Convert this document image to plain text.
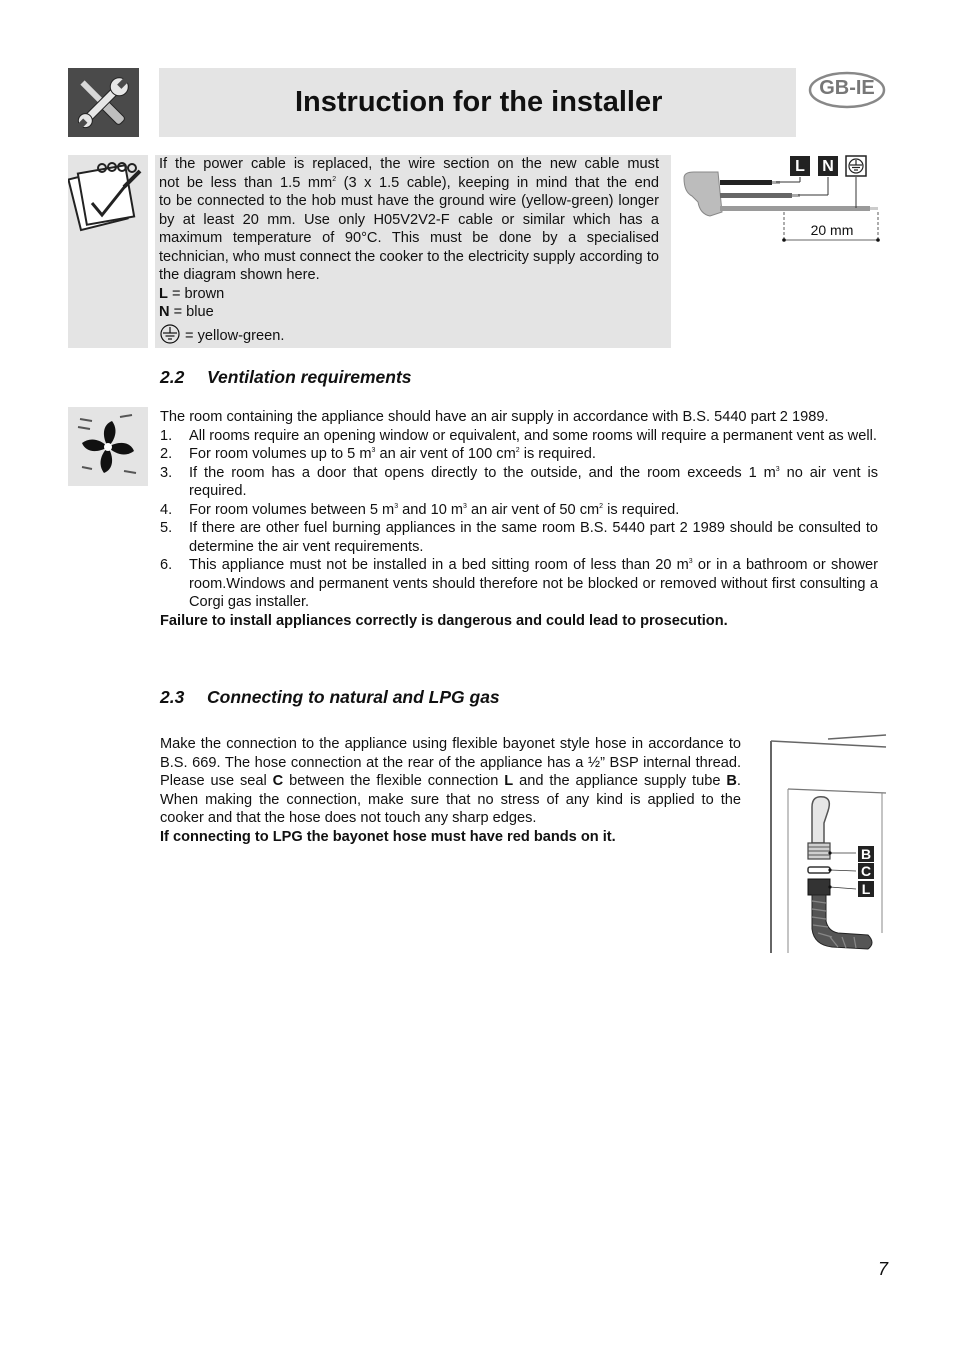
Instruction for the installer	GB-IE
If the power cable is replaced, the wire section on the new cable must
not be less than 1.5 $mm^2$ (3 x 1.5 cable), keeping in mind that the end
to be connected to the hob must have the ground wire (yellow-green) longer by at least 20 mm. Use only H05V2V2-F cable or similar which has a maximum temperature of 90°C. This must be done by a specialised technician, who must connect the cooker to the electricity supply according to the diagram shown here.
L = brown
N = blue
= yellow-green.
L	N
20 mm
2.2 Ventilation requirements
The room containing the appliance should have an air supply in accordance with B.S. 5440 part 2 1989.
1. All rooms require an opening window or equivalent, and some rooms will require a permanent vent as well.
2. For room volumes up to 5 $m^3$ an air vent of 100 $cm^2$ is required.
3. If the room has a door that opens directly to the outside, and the room exceeds 1 $m^3$ no air vent is required.
4. For room volumes between 5 $m^3$ and 10 $m^3$ an air vent of 50 $cm^2$ is required.
5. If there are other fuel burning appliances in the same room B.S. 5440 part 2 1989 should be consulted to determine the air vent requirements.
6. This appliance must not be installed in a bed sitting room of less than 20 $m^3$ or in a bathroom or shower room.Windows and permanent vents should therefore not be blocked or removed without first consulting a Corgi gas installer.
Failure to install appliances correctly is dangerous and could lead to prosecution.
2.3 Connecting to natural and LPG gas
Make the connection to the appliance using flexible bayonet style hose in accordance to B.S. 669. The hose connection at the rear of the appliance has a ½” BSP internal thread. Please use seal C between the flexible connection L and the appliance supply tube B. When making the connection, make sure that no stress of any kind is applied to the cooker and that the hose does not touch any sharp edges.
If connecting to LPG the bayonet hose must have red bands on it.
B
C
L
7
